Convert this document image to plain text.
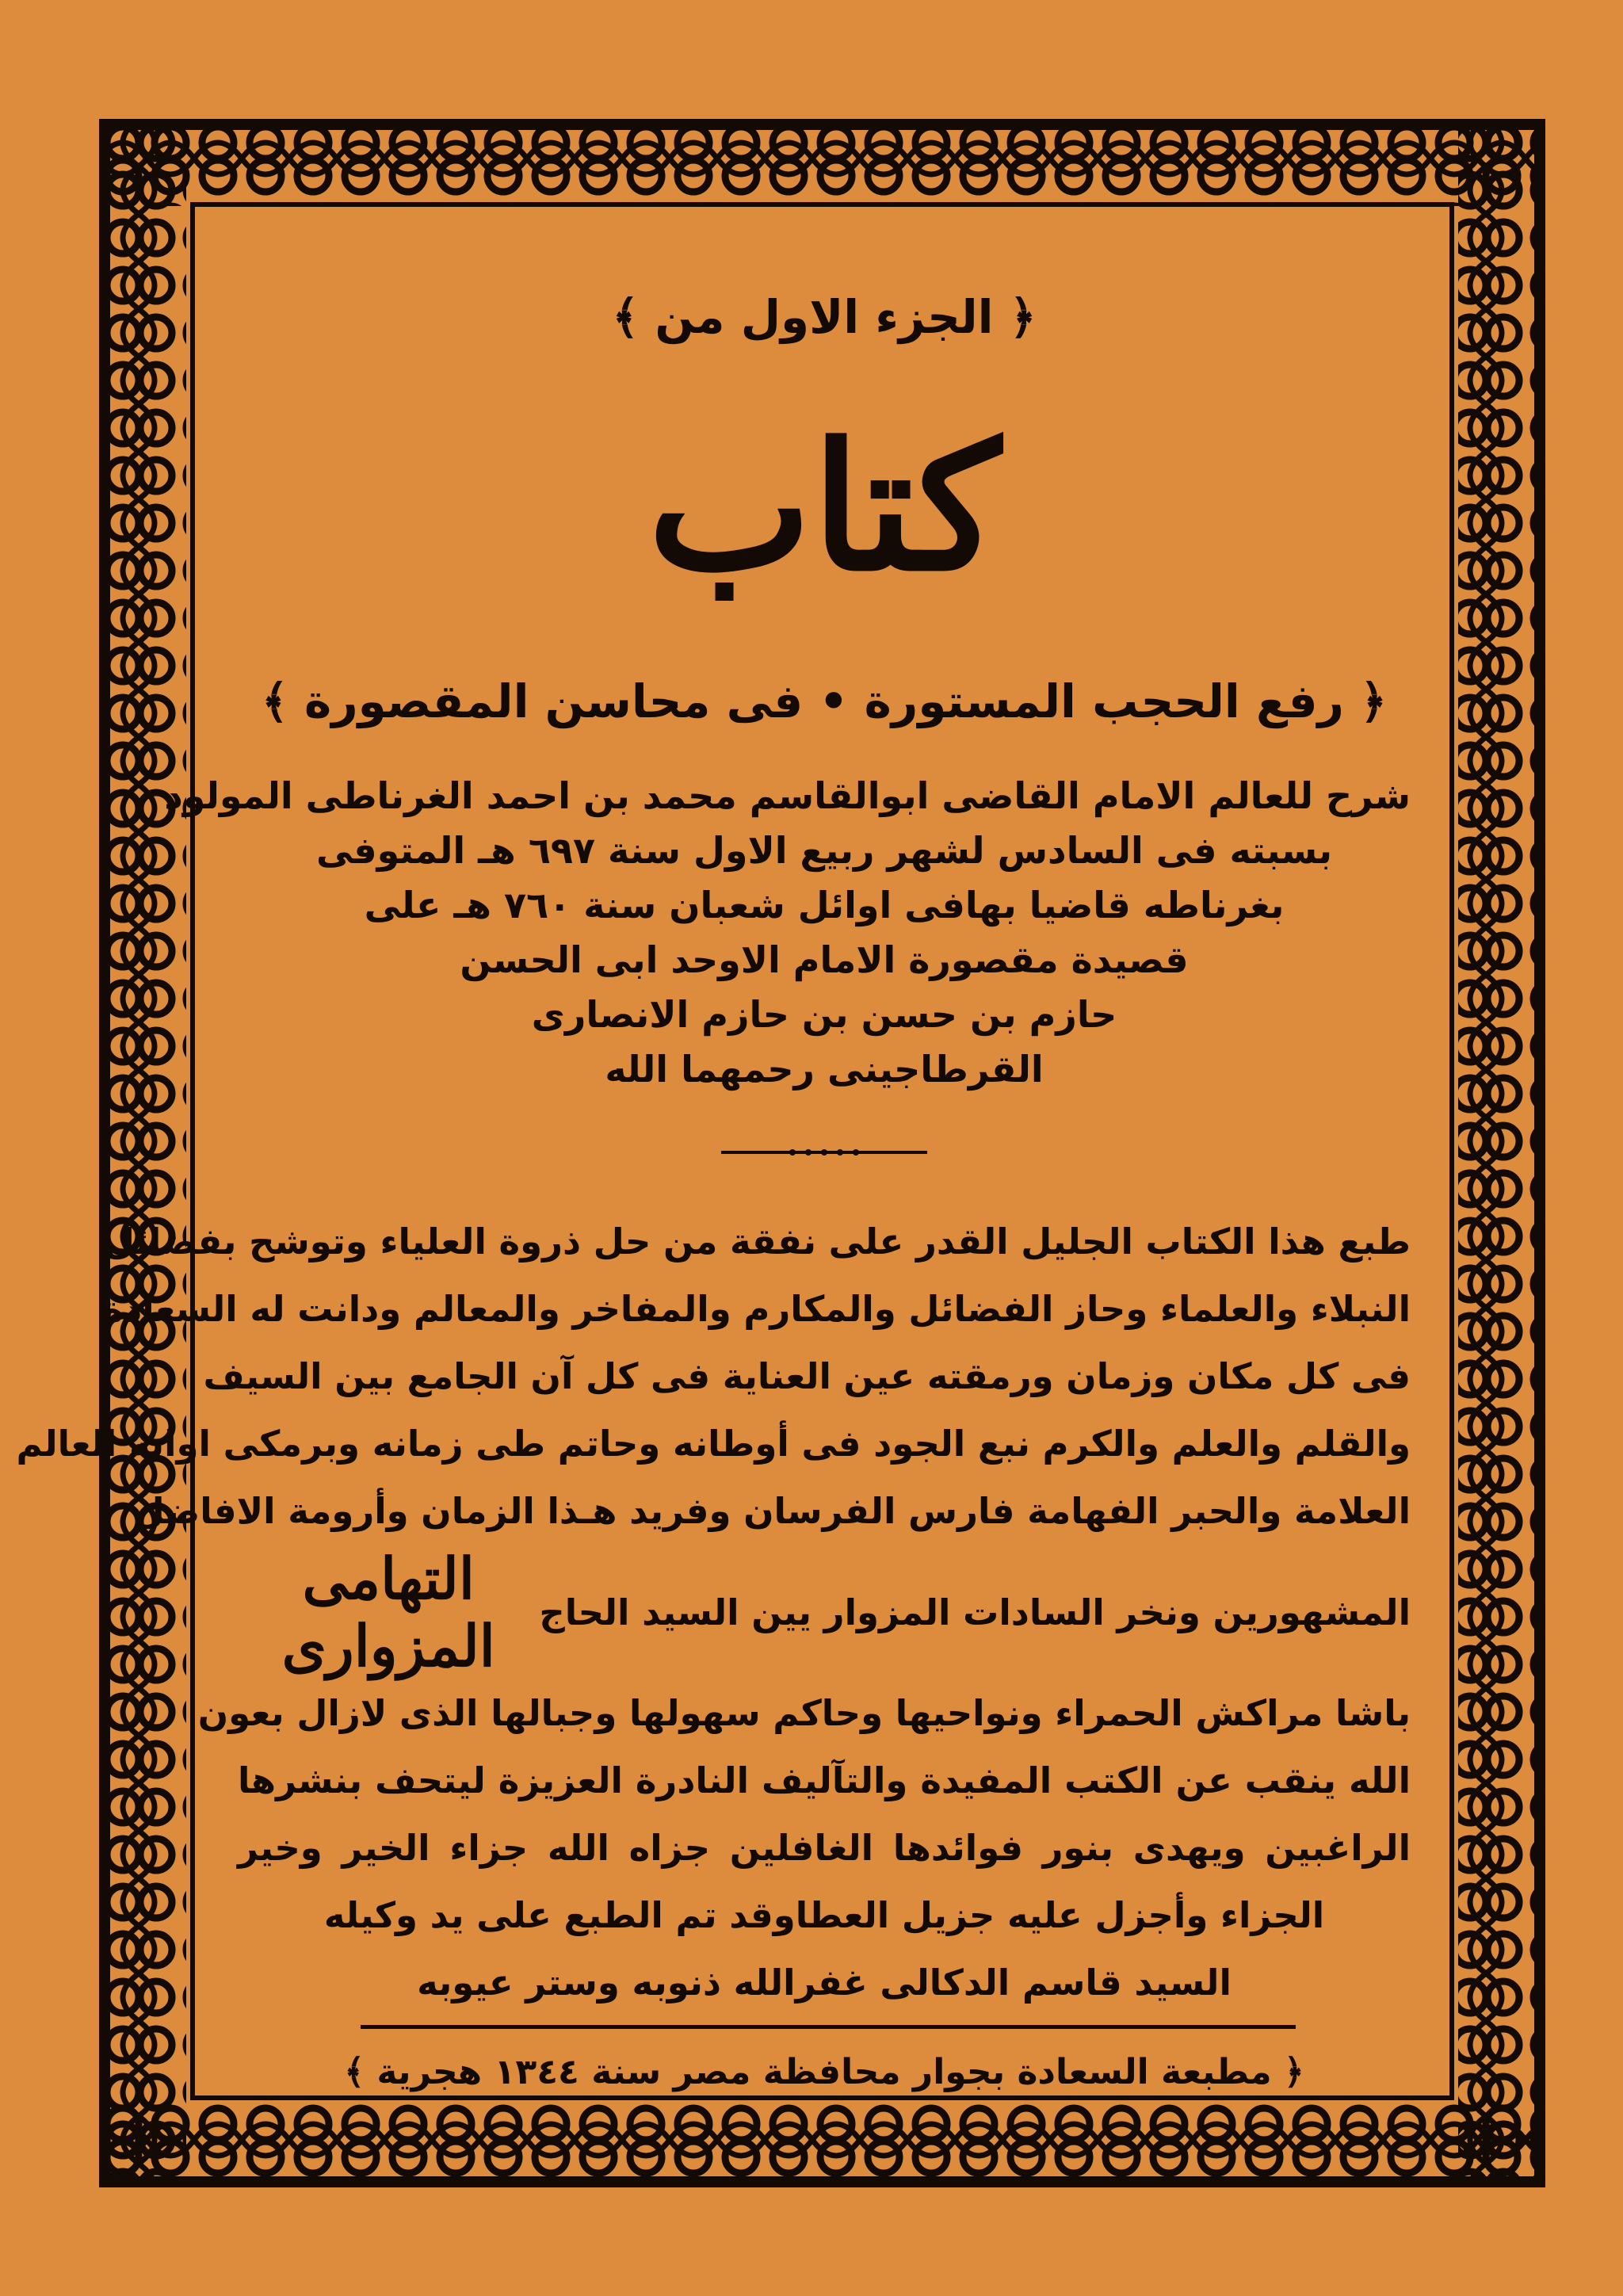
﴿ الجزء الاول من ﴾
كتاب
﴿ رفع الحجب المستورة • فى محاسن المقصورة ﴾
شرح للعالم الامام القاضى ابوالقاسم محمد بن احمد الغرناطى المولود
بسبته فى السادس لشهر ربيع الاول سنة ٦٩٧ هـ المتوفى
بغرناطه قاضيا بهافى اوائل شعبان سنة ٧٦٠ هـ على
قصيدة مقصورة الامام الاوحد ابى الحسن
حازم بن حسن بن حازم الانصارى
القرطاجينى رحمهما الله
طبع هذا الكتاب الجليل القدر على نفقة من حل ذروة العلياء وتوشح بفضائل
النبلاء والعلماء وحاز الفضائل والمكارم والمفاخر والمعالم ودانت له السعادة
فى كل مكان وزمان ورمقته عين العناية فى كل آن الجامع بين السيف
والقلم والعلم والكرم نبع الجود فى أوطانه وحاتم طى زمانه وبرمكى اوانه العالم
العلامة والحبر الفهامة فارس الفرسان وفريد هـذا الزمان وأرومة الافاضل
المشهورين ونخر السادات المزوار يين السيد الحاج
التهامى المزوارى
باشا مراكش الحمراء ونواحيها وحاكم سهولها وجبالها الذى لازال بعون
الله ينقب عن الكتب المفيدة والتآليف النادرة العزيزة ليتحف بنشرها
الراغبين ويهدى بنور فوائدها الغافلين جزاه الله جزاء الخير وخير
الجزاء وأجزل عليه جزيل العطاوقد تم الطبع على يد وكيله
السيد قاسم الدكالى غفرالله ذنوبه وستر عيوبه
﴿ مطبعة السعادة بجوار محافظة مصر سنة ١٣٤٤ هجرية ﴾
